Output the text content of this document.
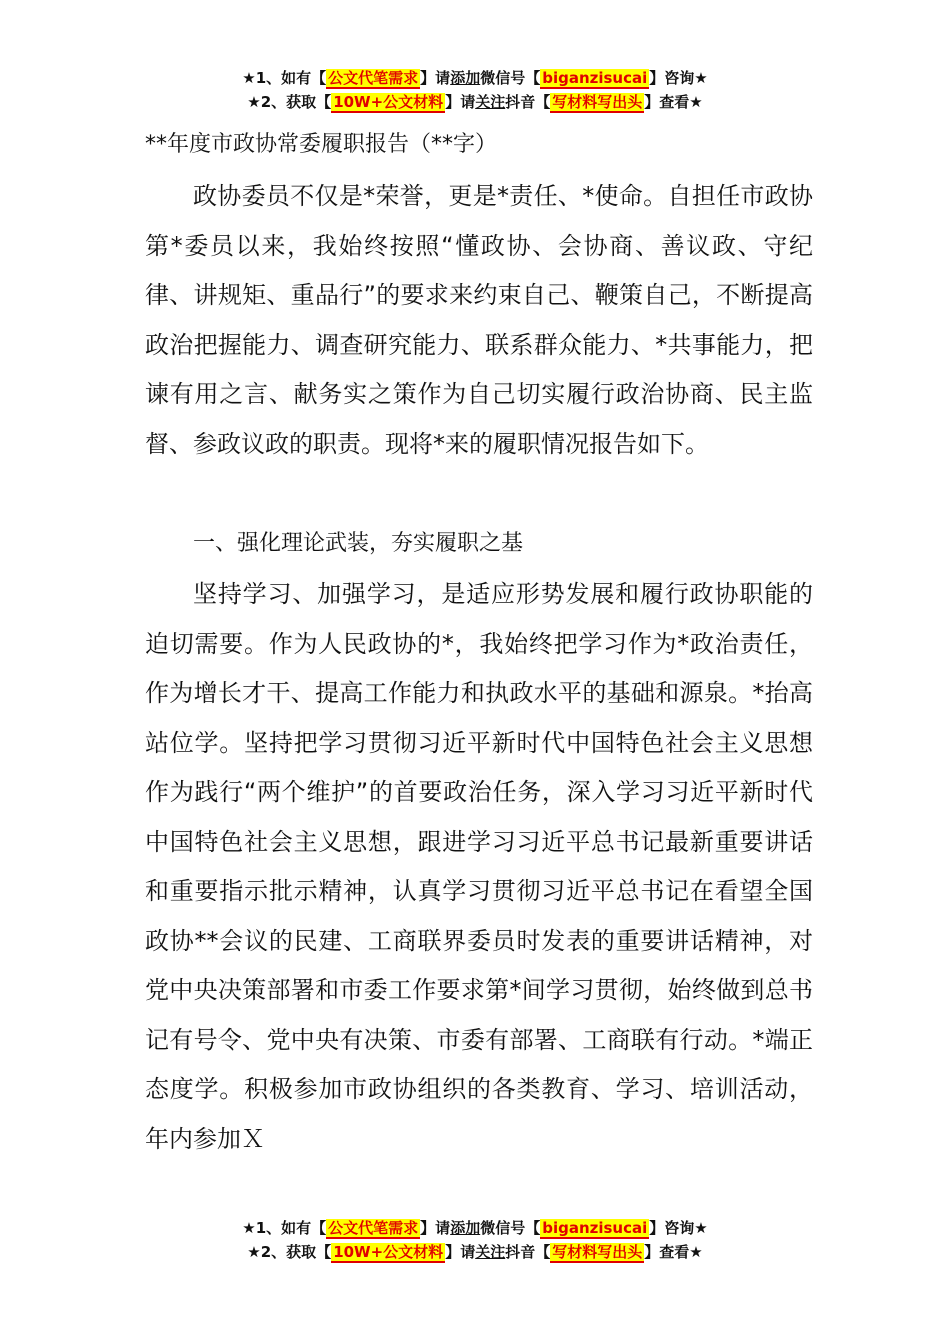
★1、如有【 公文代笔需求 】请添加微信号【 biganzisucai 】咨询★
★2、获取【 10W+公文材料 】请关注抖音【 写材料写出头 】查看★
**年度市政协常委履职报告（**字）

政协委员不仅是*荣誉，更是*责任、*使命。自担任市政协第*委员以来，我始终按照“懂政协、会协商、善议政、守纪律、讲规矩、重品行”的要求来约束自己、鞭策自己，不断提高政治把握能力、调查研究能力、联系群众能力、*共事能力，把谏有用之言、献务实之策作为自己切实履行政治协商、民主监督、参政议政的职责。现将*来的履职情况报告如下。

一、强化理论武装，夯实履职之基

坚持学习、加强学习，是适应形势发展和履行政协职能的迫切需要。作为人民政协的*，我始终把学习作为*政治责任，作为增长才干、提高工作能力和执政水平的基础和源泉。*抬高站位学。坚持把学习贯彻习近平新时代中国特色社会主义思想作为践行“两个维护”的首要政治任务，深入学习习近平新时代中国特色社会主义思想，跟进学习习近平总书记最新重要讲话和重要指示批示精神，认真学习贯彻习近平总书记在看望全国政协**会议的民建、工商联界委员时发表的重要讲话精神，对党中央决策部署和市委工作要求第*间学习贯彻，始终做到总书记有号令、党中央有决策、市委有部署、工商联有行动。*端正态度学。积极参加市政协组织的各类教育、学习、培训活动，年内参加Ｘ

★1、如有【 公文代笔需求 】请添加微信号【 biganzisucai 】咨询★
★2、获取【 10W+公文材料 】请关注抖音【 写材料写出头 】查看★
